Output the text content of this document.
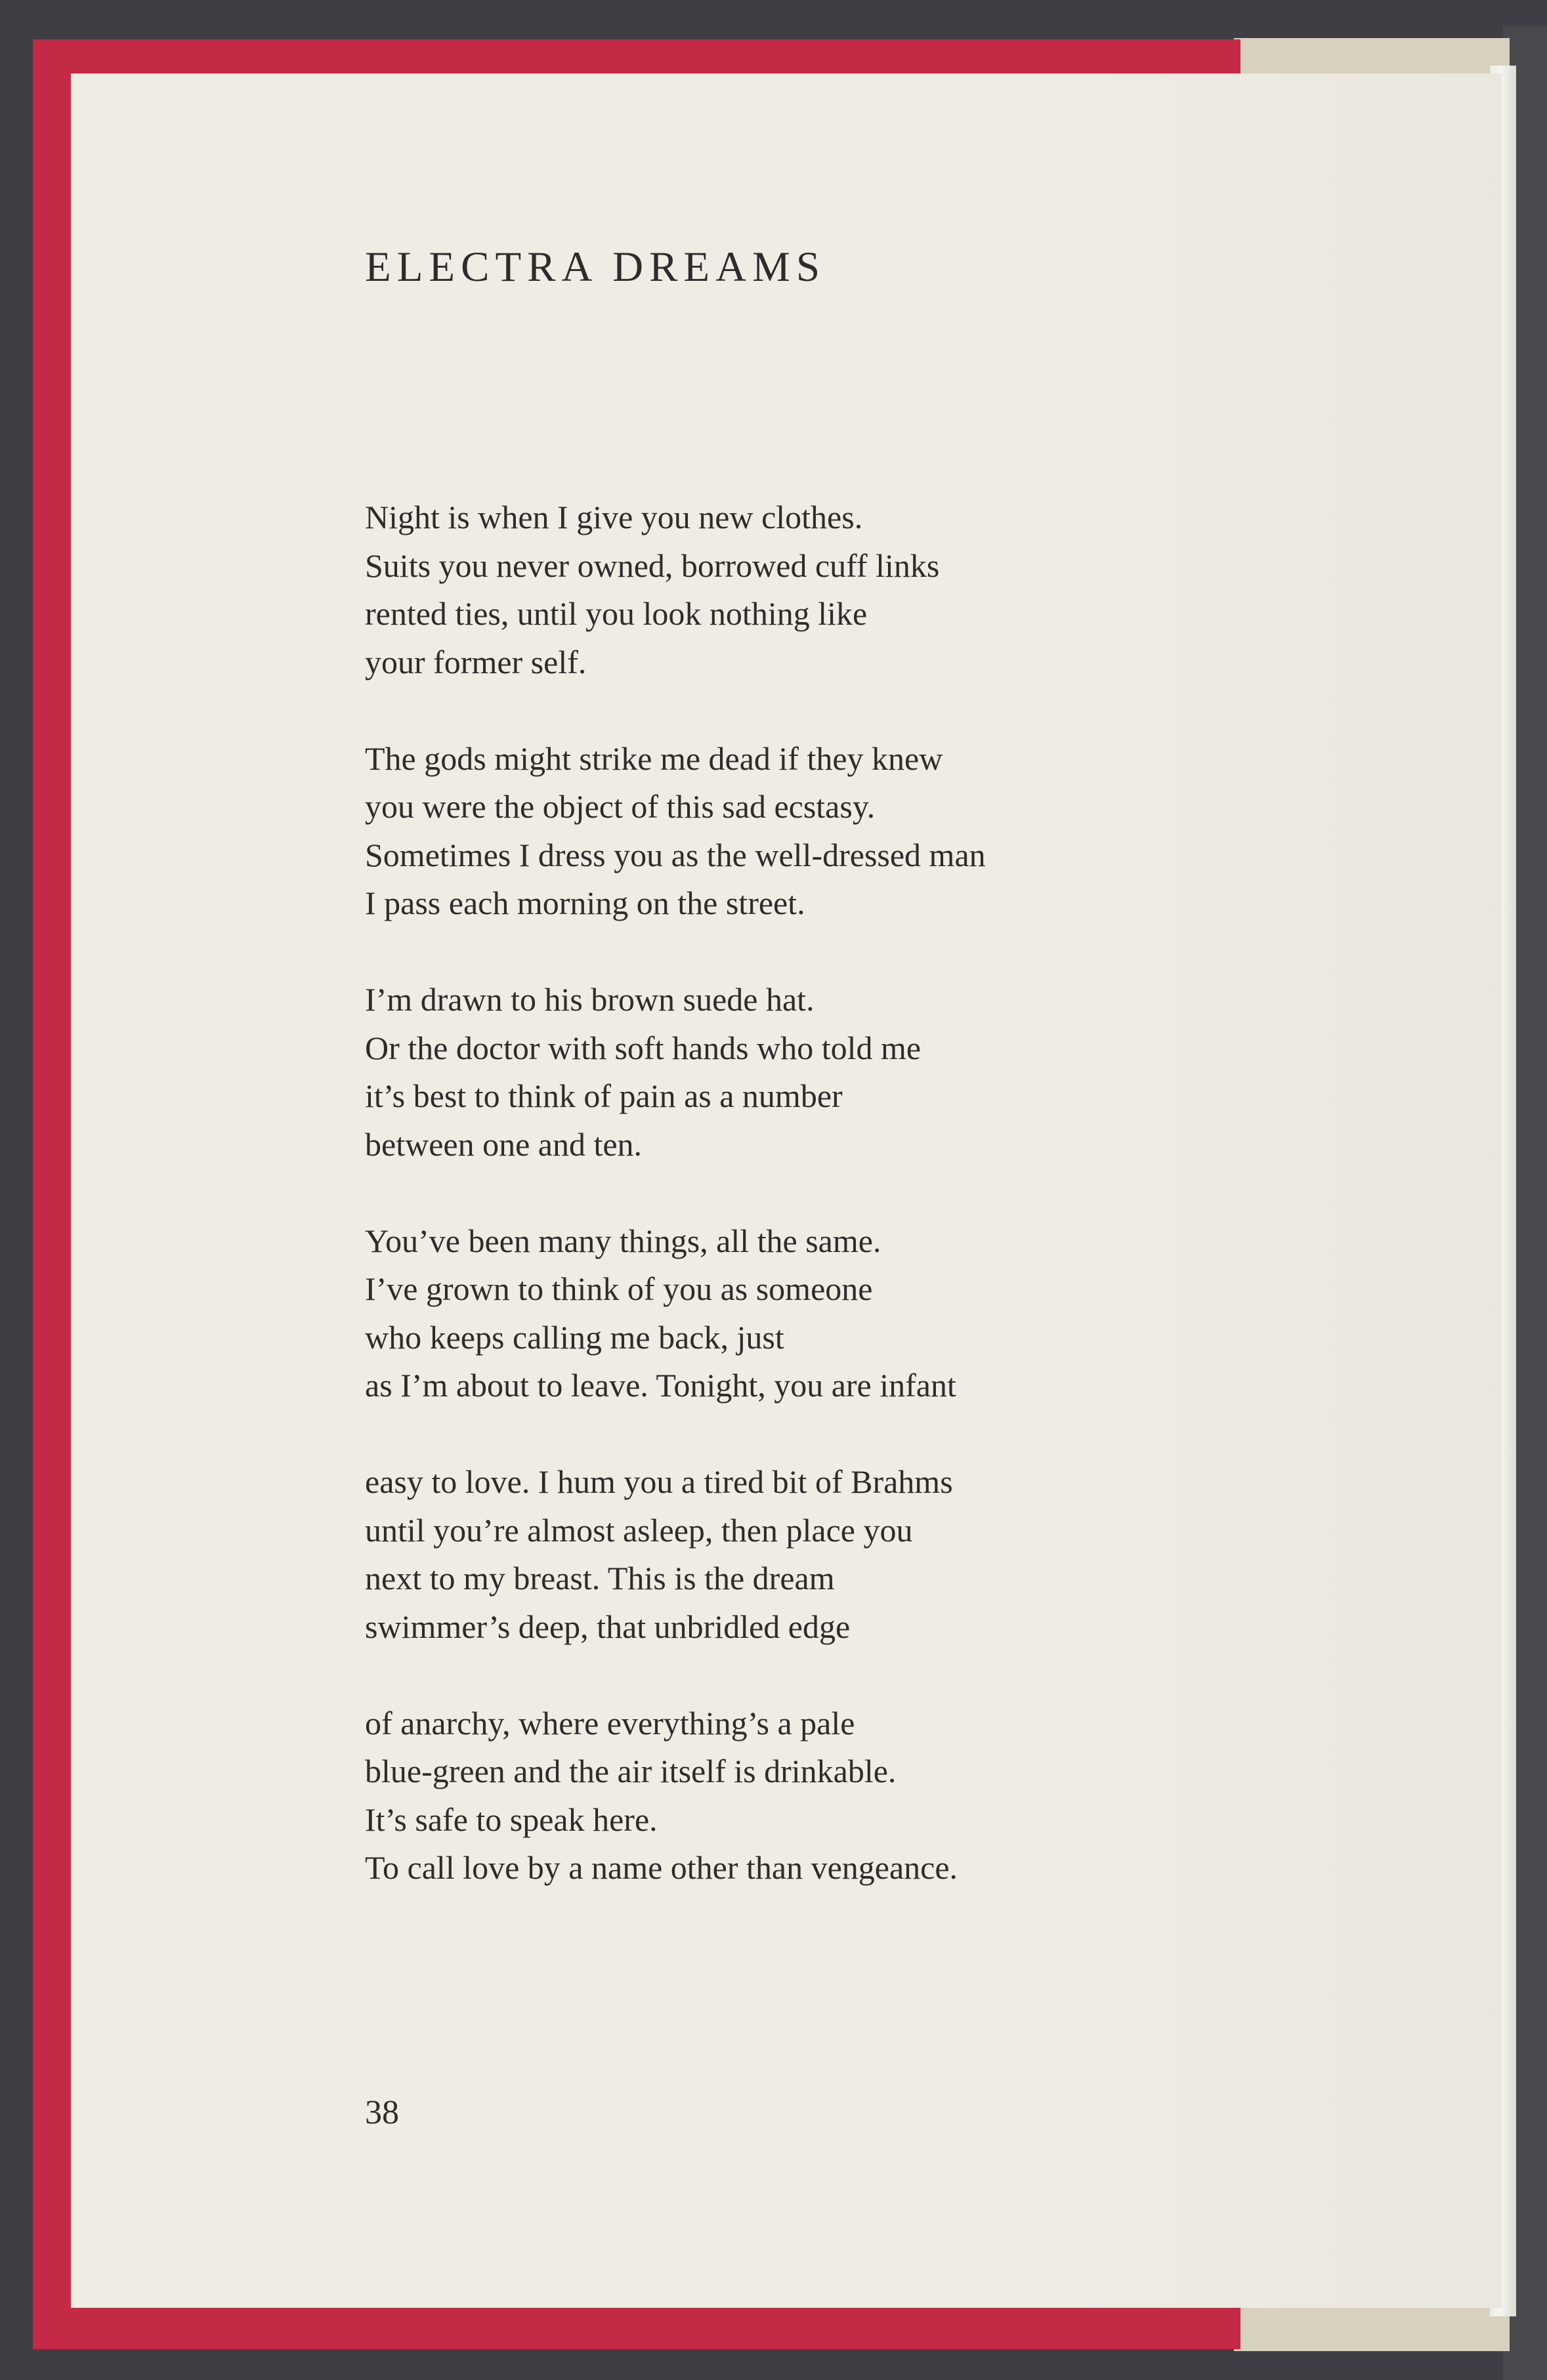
ELECTRA DREAMS
Night is when I give you new clothes.
Suits you never owned, borrowed cuff links
rented ties, until you look nothing like
your former self.
The gods might strike me dead if they knew
you were the object of this sad ecstasy.
Sometimes I dress you as the well-dressed man
I pass each morning on the street.
I’m drawn to his brown suede hat.
Or the doctor with soft hands who told me
it’s best to think of pain as a number
between one and ten.
You’ve been many things, all the same.
I’ve grown to think of you as someone
who keeps calling me back, just
as I’m about to leave. Tonight, you are infant
easy to love. I hum you a tired bit of Brahms
until you’re almost asleep, then place you
next to my breast. This is the dream
swimmer’s deep, that unbridled edge
of anarchy, where everything’s a pale
blue-green and the air itself is drinkable.
It’s safe to speak here.
To call love by a name other than vengeance.
38
